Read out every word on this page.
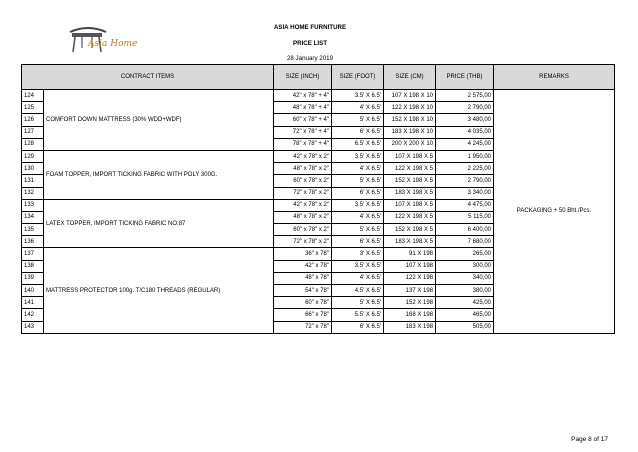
Asia Home
ASIA HOME FURNITURE
PRICE LIST
28 January 2019
CONTRACT ITEMS		SIZE (INCH)	SIZE (FOOT)	SIZE (CM)	PRICE (THB)	REMARKS
124	COMFORT DOWN MATTRESS (30% WDD+WDF)	42" x 78" + 4"	3.5' X 6.5'	107 X 198 X 10	2 575,00	PACKAGING + 50 Bht./Pcs.
125		48" x 78" + 4"	4' X 6.5'	122 X 198 X 10	2 790,00	
126		60" x 78" + 4"	5' X 6.5'	152 X 198 X 10	3 480,00	
127		72" x 78" + 4"	6' X 6.5'	183 X 198 X 10	4 035,00	
128		78" x 78" + 4"	6.5' X 6.5'	200 X 200 X 10	4 245,00	
129	FOAM TOPPER, IMPORT TICKING FABRIC WITH POLY 300G.	42" x 78" x 2"	3.5' X 6.5'	107 X 198 X 5	1 950,00	
130		48" x 78" x 2"	4' X 6.5'	122 X 198 X 5	2 225,00	
131		60" x 78" x 2"	5' X 6.5'	152 X 198 X 5	2 790,00	
132		72" x 78" x 2"	6' X 6.5'	183 X 198 X 5	3 340,00	
133	LATEX TOPPER, IMPORT TICKING FABRIC NO.87	42" x 78" x 2"	3.5' X 6.5'	107 X 198 X 5	4 475,00	
134		48" x 78" x 2"	4' X 6.5'	122 X 198 X 5	5 115,00	
135		60" x 78" x 2"	5' X 6.5'	152 X 198 X 5	6 400,00	
136		72" x 78" x 2"	6' X 6.5'	183 X 198 X 5	7 680,00	
137	MATTRESS PROTECTOR 100g. T/C180 THREADS (REGULAR)	36" x 78"	3' X 6.5'	91 X 198	265,00	
138		42" x 78"	3.5' X 6.5'	107 X 198	300,00	
139		48" x 78"	4' X 6.5'	122 X 198	340,00	
140		54" x 78"	4.5' X 6.5'	137 X 198	380,00	
141		60" x 78"	5' X 6.5'	152 X 198	425,00	
142		66" x 78"	5.5' X 6.5'	168 X 198	465,00	
143		72" x 78"	6' X 6.5'	183 X 198	505,00	
Page 8 of 17
